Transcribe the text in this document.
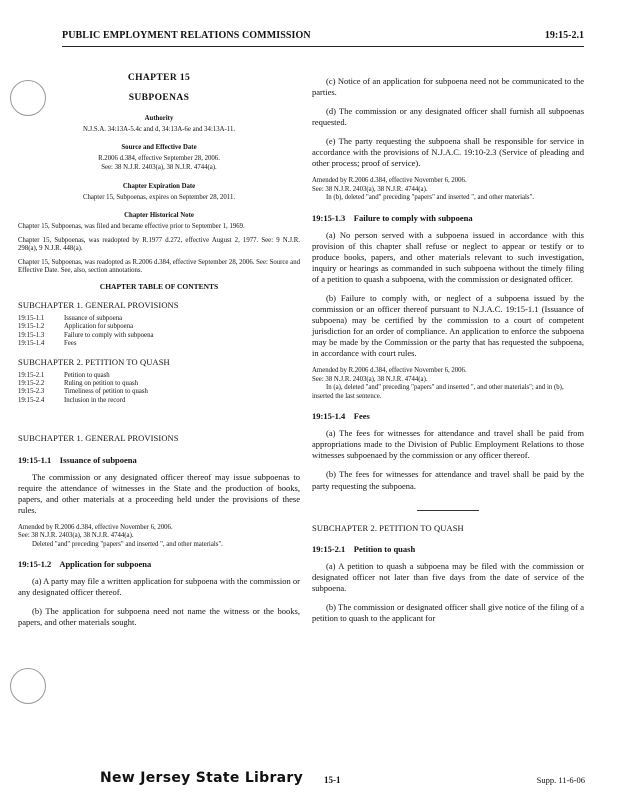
PUBLIC EMPLOYMENT RELATIONS COMMISSION	19:15-2.1
CHAPTER 15
SUBPOENAS
Authority
N.J.S.A. 34:13A-5.4c and d, 34:13A-6e and 34:13A-11.
Source and Effective Date
R.2006 d.384, effective September 28, 2006.
See: 38 N.J.R. 2403(a), 38 N.J.R. 4744(a).
Chapter Expiration Date
Chapter 15, Subpoenas, expires on September 28, 2011.
Chapter Historical Note
Chapter 15, Subpoenas, was filed and became effective prior to September 1, 1969.
Chapter 15, Subpoenas, was readopted by R.1977 d.272, effective August 2, 1977. See: 9 N.J.R. 298(a), 9 N.J.R. 448(a).
Chapter 15, Subpoenas, was readopted as R.2006 d.384, effective September 28, 2006. See: Source and Effective Date. See, also, section annotations.
CHAPTER TABLE OF CONTENTS
SUBCHAPTER 1. GENERAL PROVISIONS
19:15-1.1	Issuance of subpoena
19:15-1.2	Application for subpoena
19:15-1.3	Failure to comply with subpoena
19:15-1.4	Fees
SUBCHAPTER 2. PETITION TO QUASH
19:15-2.1	Petition to quash
19:15-2.2	Ruling on petition to quash
19:15-2.3	Timeliness of petition to quash
19:15-2.4	Inclusion in the record
SUBCHAPTER 1. GENERAL PROVISIONS
19:15-1.1    Issuance of subpoena
The commission or any designated officer thereof may issue subpoenas to require the attendance of witnesses in the State and the production of books, papers, and other materials at a proceeding held under the provisions of these rules.
Amended by R.2006 d.384, effective November 6, 2006.
See: 38 N.J.R. 2403(a), 38 N.J.R. 4744(a).
Deleted "and" preceding "papers" and inserted ", and other materials".
19:15-1.2    Application for subpoena
(a) A party may file a written application for subpoena with the commission or any designated officer thereof.
(b) The application for subpoena need not name the witness or the books, papers, and other materials sought.
(c) Notice of an application for subpoena need not be communicated to the parties.
(d) The commission or any designated officer shall furnish all subpoenas requested.
(e) The party requesting the subpoena shall be responsible for service in accordance with the provisions of N.J.A.C. 19:10-2.3 (Service of pleading and other process; proof of service).
Amended by R.2006 d.384, effective November 6, 2006.
See: 38 N.J.R. 2403(a), 38 N.J.R. 4744(a).
In (b), deleted "and" preceding "papers" and inserted ", and other materials".
19:15-1.3    Failure to comply with subpoena
(a) No person served with a subpoena issued in accordance with this provision of this chapter shall refuse or neglect to appear or testify or to produce books, papers, and other materials relevant to such investigation, inquiry or hearings as commanded in such subpoena without the timely filing of a petition to quash a subpoena, with the commission or designated officer.
(b) Failure to comply with, or neglect of a subpoena issued by the commission or an officer thereof pursuant to N.J.A.C. 19:15-1.1 (Issuance of subpoena) may be certified by the commission to a court of competent jurisdiction for an order of compliance. An application to enforce the subpoena may be made by the Commission or the party that has requested the subpoena, in accordance with court rules.
Amended by R.2006 d.384, effective November 6, 2006.
See: 38 N.J.R. 2403(a), 38 N.J.R. 4744(a).
In (a), deleted "and" preceding "papers" and inserted ", and other materials"; and in (b), inserted the last sentence.
19:15-1.4    Fees
(a) The fees for witnesses for attendance and travel shall be paid from appropriations made to the Division of Public Employment Relations to those witnesses subpoenaed by the commission or any officer thereof.
(b) The fees for witnesses for attendance and travel shall be paid by the party requesting the subpoena.
SUBCHAPTER 2. PETITION TO QUASH
19:15-2.1    Petition to quash
(a) A petition to quash a subpoena may be filed with the commission or designated officer not later than five days from the date of service of the subpoena.
(b) The commission or designated officer shall give notice of the filing of a petition to quash to the applicant for
New Jersey State Library 15-1	Supp. 11-6-06
